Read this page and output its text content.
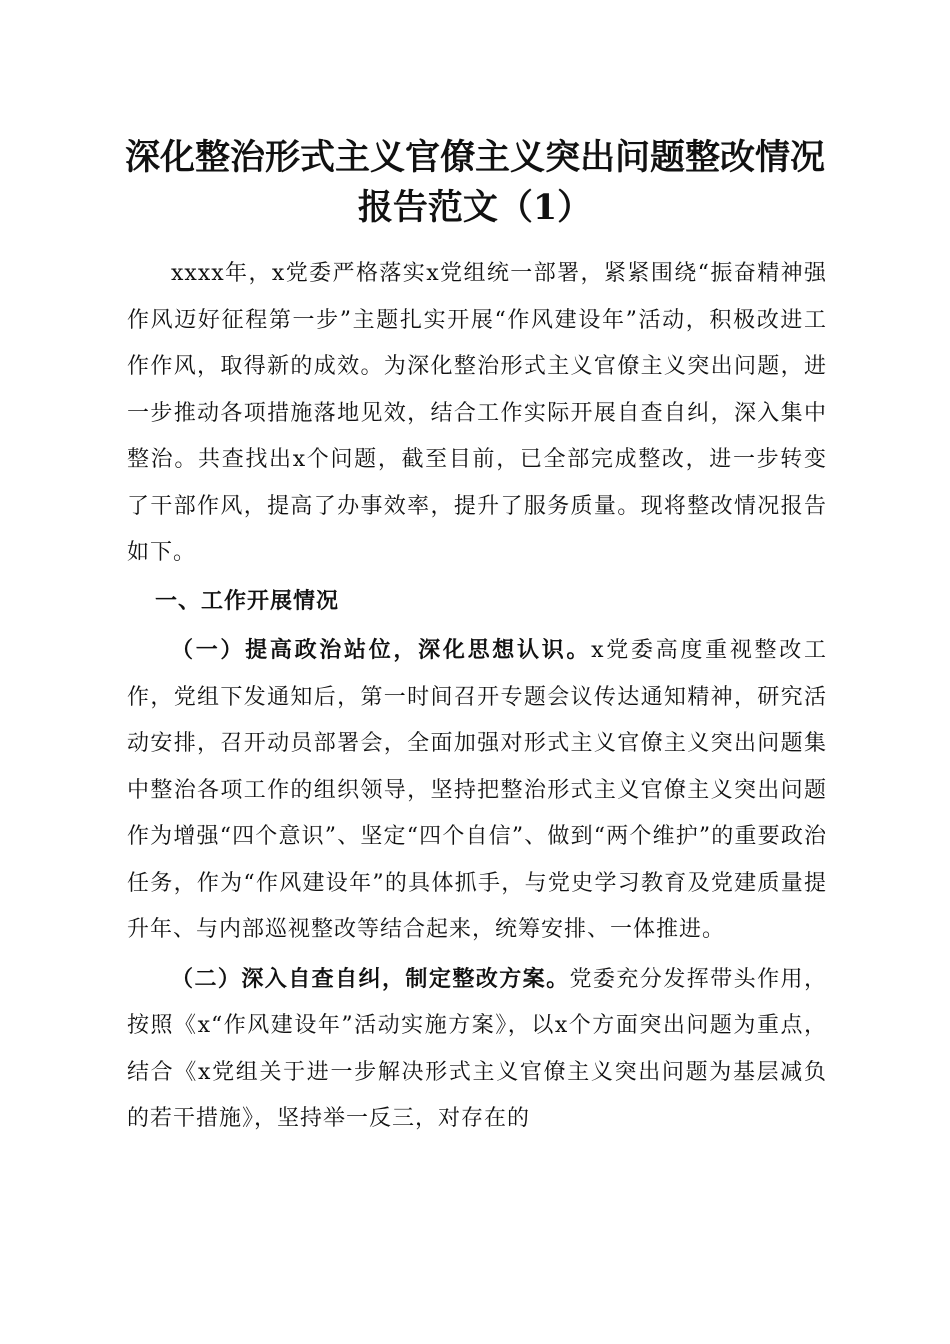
深化整治形式主义官僚主义突出问题整改情况
报告范文（1）

xxxx年，x党委严格落实x党组统一部署，紧紧围绕“振奋精神强作风迈好征程第一步”主题扎实开展“作风建设年”活动，积极改进工作作风，取得新的成效。为深化整治形式主义官僚主义突出问题，进一步推动各项措施落地见效，结合工作实际开展自查自纠，深入集中整治。共查找出x个问题，截至目前，已全部完成整改，进一步转变了干部作风，提高了办事效率，提升了服务质量。现将整改情况报告如下。

一、工作开展情况

（一）提高政治站位，深化思想认识。x党委高度重视整改工作，党组下发通知后，第一时间召开专题会议传达通知精神，研究活动安排，召开动员部署会，全面加强对形式主义官僚主义突出问题集中整治各项工作的组织领导，坚持把整治形式主义官僚主义突出问题作为增强“四个意识”、坚定“四个自信”、做到“两个维护”的重要政治任务，作为“作风建设年”的具体抓手，与党史学习教育及党建质量提升年、与内部巡视整改等结合起来，统筹安排、一体推进。

（二）深入自查自纠，制定整改方案。党委充分发挥带头作用，按照《x“作风建设年”活动实施方案》，以x个方面突出问题为重点，结合《x党组关于进一步解决形式主义官僚主义突出问题为基层减负的若干措施》，坚持举一反三，对存在的
